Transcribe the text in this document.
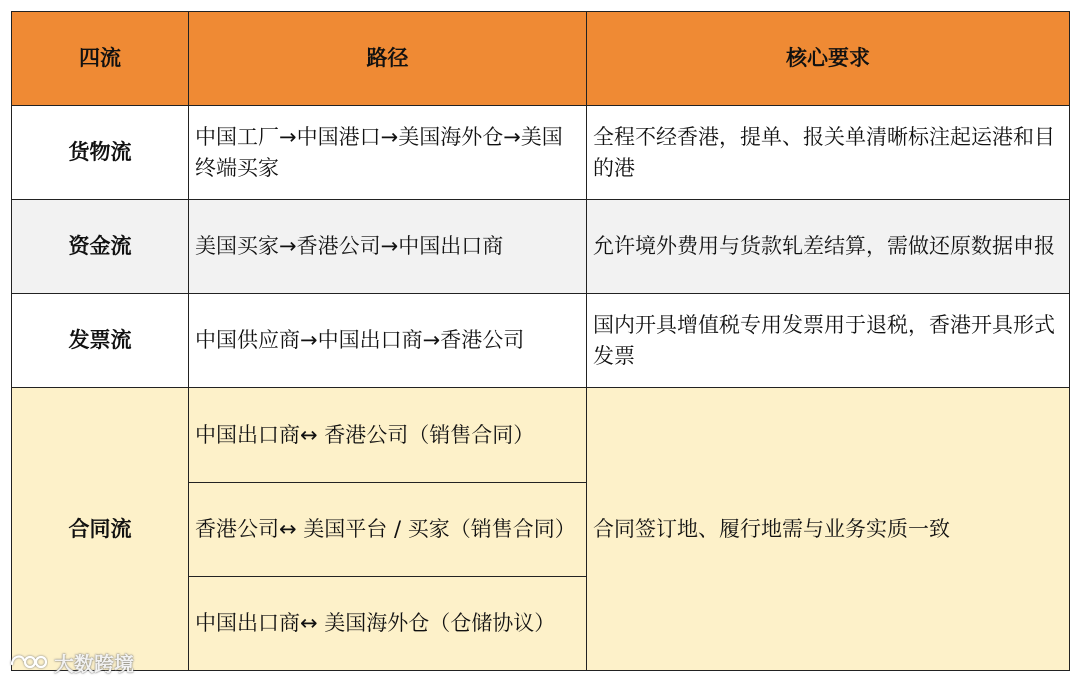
四流	路径	核心要求
货物流	中国工厂→中国港口→美国海外仓→美国终端买家	全程不经香港，提单、报关单清晰标注起运港和目的港
资金流	美国买家→香港公司→中国出口商	允许境外费用与货款轧差结算，需做还原数据申报
发票流	中国供应商→中国出口商→香港公司	国内开具增值税专用发票用于退税，香港开具形式发票
合同流	中国出口商↔ 香港公司（销售合同）	合同签订地、履行地需与业务实质一致
	香港公司↔ 美国平台 / 买家（销售合同）	
	中国出口商↔ 美国海外仓（仓储协议）	
大数跨境
